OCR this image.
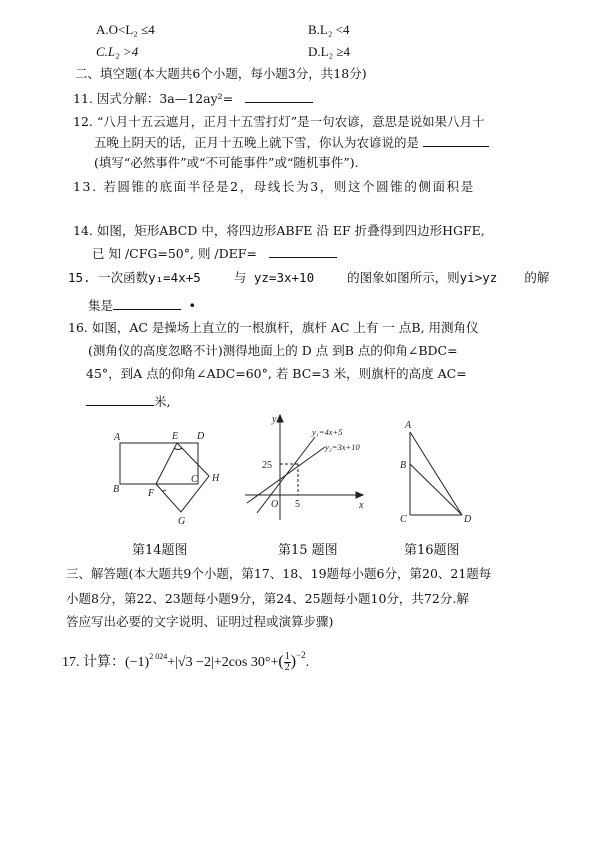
A.O<L₂ ≤4	B.L₂ <4
C.L₂ >4	D.L₂ ≥4
二、填空题(本大题共6个小题，每小题3分，共18分)
11. 因式分解：3a—12ay²=
12. “八月十五云遮月，正月十五雪打灯”是一句农谚，意思是说如果八月十
五晚上阴天的话，正月十五晚上就下雪，你认为农谚说的是
(填写“必然事件”或“不可能事件”或“随机事件”).
13. 若圆锥的底面半径是2，母线长为3，则这个圆锥的侧面积是
14. 如图，矩形ABCD 中，将四边形ABFE 沿 EF 折叠得到四边形HGFE,
已 知 /CFG=50°, 则 /DEF=
15. 一次函数y₁=4x+5	与 yz=3x+10	的图象如图所示，则yi>yz 的解
集是	•
16. 如图，AC 是操场上直立的一根旗杆，旗杆 AC 上有 一 点B, 用测角仪
(测角仪的高度忽略不计)测得地面上的 D 点 到B 点的仰角∠BDC=
45°，到A 点的仰角∠ADC=60°, 若 BC=3 米，则旗杆的高度 AC=
米,
A	E D
B	F
C H
G
y
x
O
25
5
y₁=4x+5
y₂=3x+10
A
B
C	D
第14题图	第15 题图	第16题图
三、解答题(本大题共9个小题，第17、18、19题每小题6分，第20、21题每
小题8分，第22、23题每小题9分，第24、25题每小题10分，共72分.解
答应写出必要的文字说明、证明过程或演算步骤)
17. 计算：$(-1)^{2 024}+|√3 -2|+2\cos$ $30^\circ+( \frac{1}{2} )^{-2}$.
